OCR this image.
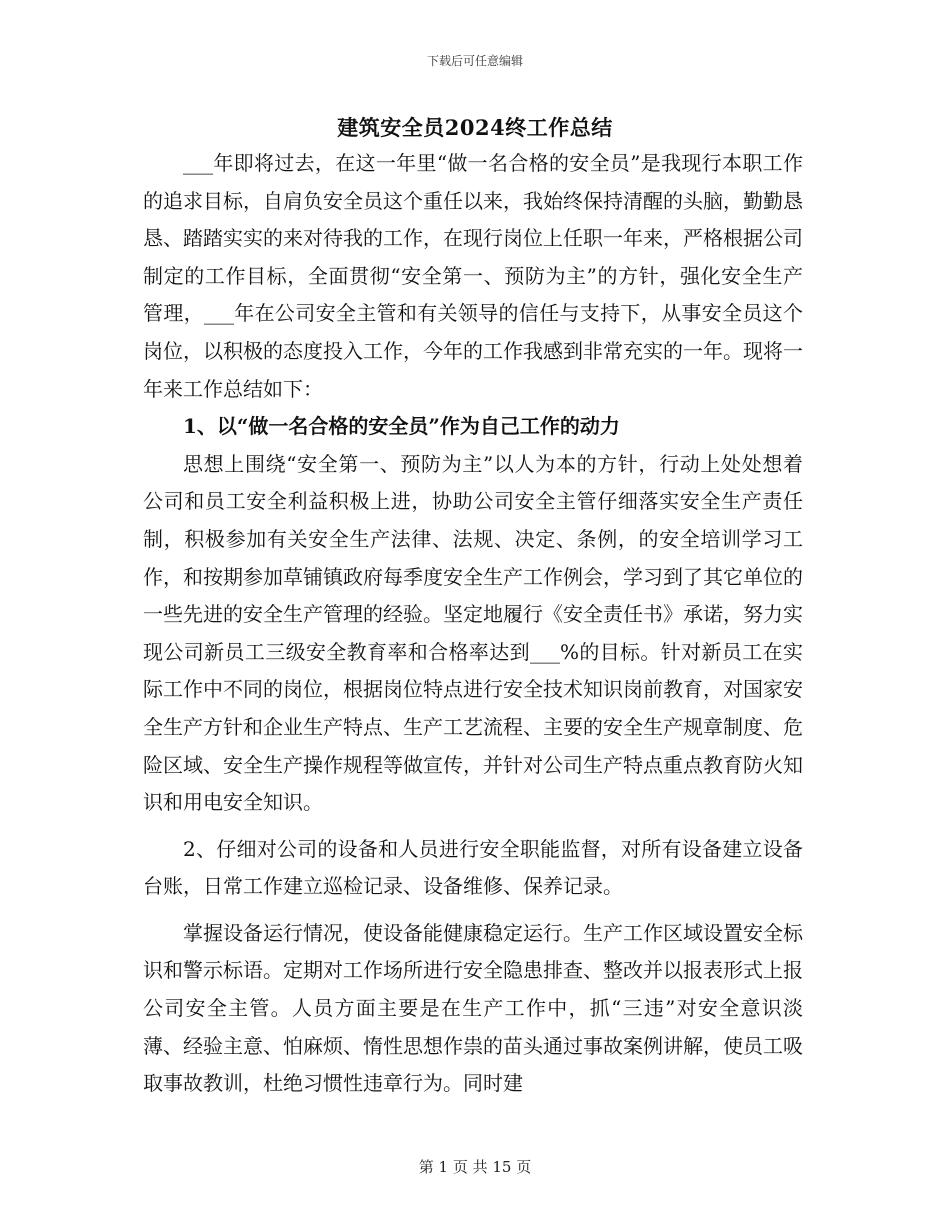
下载后可任意编辑
建筑安全员2024终工作总结

___年即将过去，在这一年里“做一名合格的安全员”是我现行本职工作的追求目标，自肩负安全员这个重任以来，我始终保持清醒的头脑，勤勤恳恳、踏踏实实的来对待我的工作，在现行岗位上任职一年来，严格根据公司制定的工作目标，全面贯彻“安全第一、预防为主”的方针，强化安全生产管理，___年在公司安全主管和有关领导的信任与支持下，从事安全员这个岗位，以积极的态度投入工作，今年的工作我感到非常充实的一年。现将一年来工作总结如下：

1、以“做一名合格的安全员”作为自己工作的动力

思想上围绕“安全第一、预防为主”以人为本的方针，行动上处处想着公司和员工安全利益积极上进，协助公司安全主管仔细落实安全生产责任制，积极参加有关安全生产法律、法规、决定、条例，的安全培训学习工作，和按期参加草铺镇政府每季度安全生产工作例会，学习到了其它单位的一些先进的安全生产管理的经验。坚定地履行《安全责任书》承诺，努力实现公司新员工三级安全教育率和合格率达到___%的目标。针对新员工在实际工作中不同的岗位，根据岗位特点进行安全技术知识岗前教育，对国家安全生产方针和企业生产特点、生产工艺流程、主要的安全生产规章制度、危险区域、安全生产操作规程等做宣传，并针对公司生产特点重点教育防火知识和用电安全知识。

2、仔细对公司的设备和人员进行安全职能监督，对所有设备建立设备台账，日常工作建立巡检记录、设备维修、保养记录。

掌握设备运行情况，使设备能健康稳定运行。生产工作区域设置安全标识和警示标语。定期对工作场所进行安全隐患排查、整改并以报表形式上报公司安全主管。人员方面主要是在生产工作中，抓“三违”对安全意识淡薄、经验主意、怕麻烦、惰性思想作祟的苗头通过事故案例讲解，使员工吸取事故教训，杜绝习惯性违章行为。同时建

第 1 页 共 15 页
